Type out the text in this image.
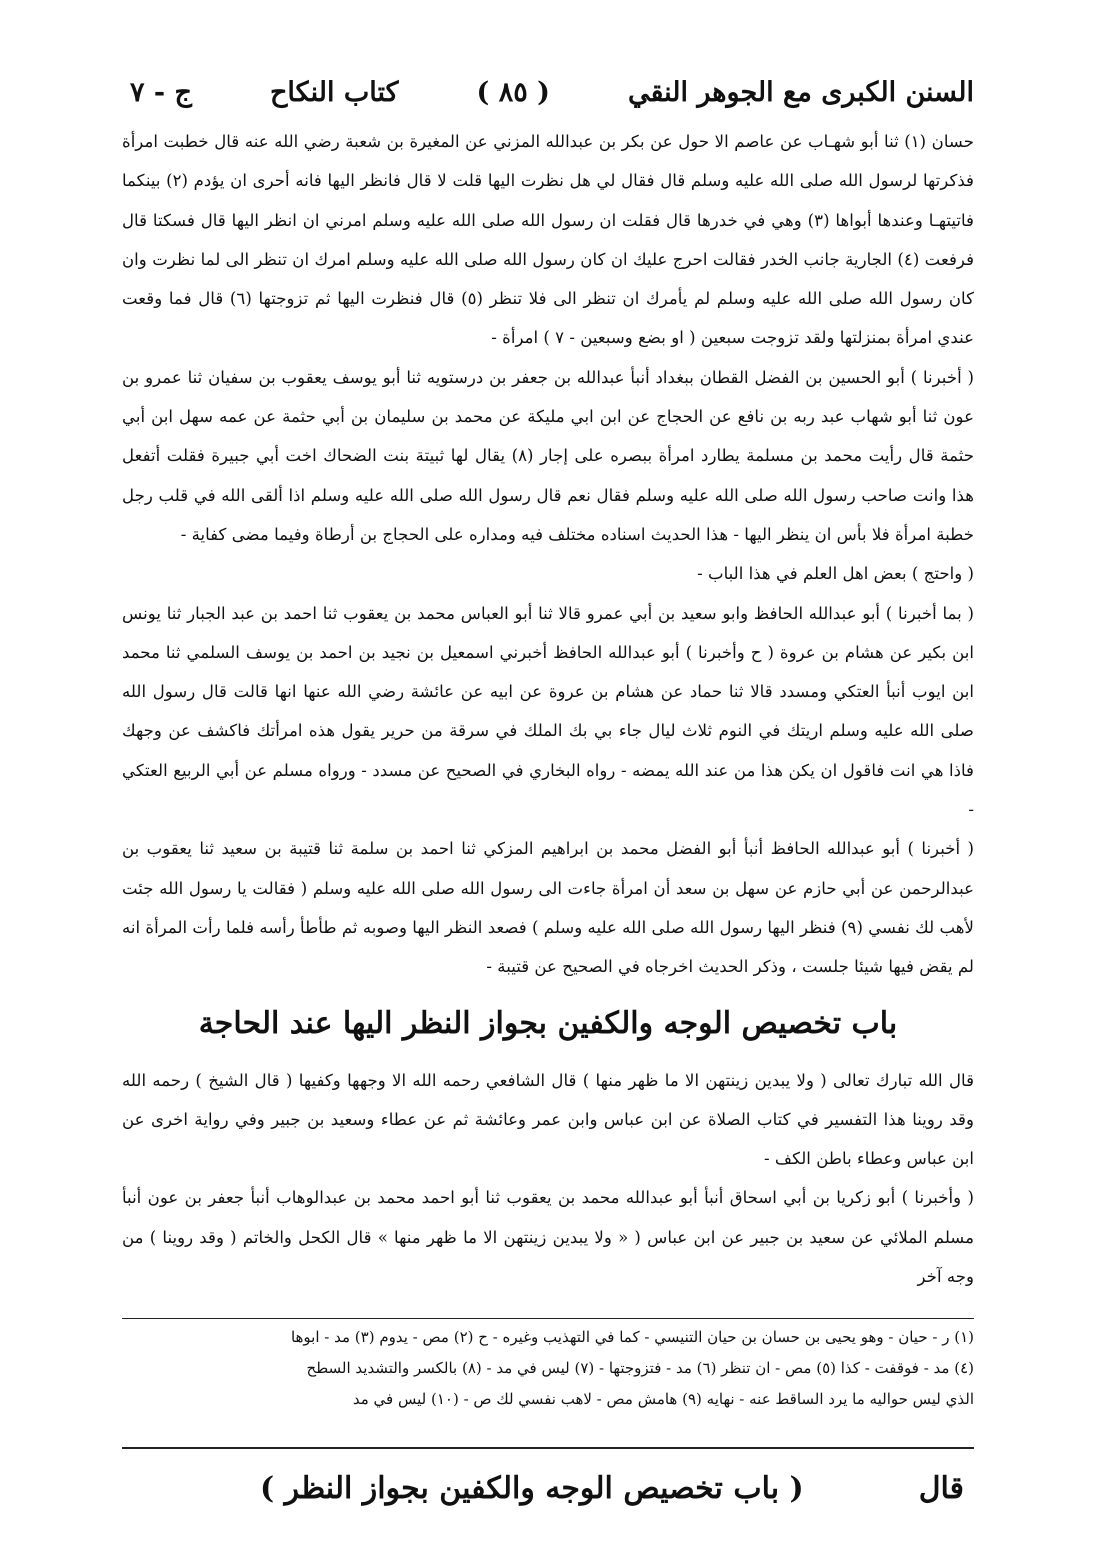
السنن الكبرى مع الجوهر النقي
( ٨٥ )
كتاب النكاح
ج - ٧

حسان (١) ثنا أبو شهـاب عن عاصم الا حول عن بكر بن عبدالله المزني عن المغيرة بن شعبة رضي الله عنه قال خطبت امرأة فذكرتها لرسول الله صلى الله عليه وسلم قال فقال لي هل نظرت اليها قلت لا قال فانظر اليها فانه أحرى ان يؤدم (٢) بينكما فاتيتهـا وعندها أبواها (٣) وهي في خدرها قال فقلت ان رسول الله صلى الله عليه وسلم امرني ان انظر اليها قال فسكتا قال فرفعت (٤) الجارية جانب الخدر فقالت احرج عليك ان كان رسول الله صلى الله عليه وسلم امرك ان تنظر الى لما نظرت وان كان رسول الله صلى الله عليه وسلم لم يأمرك ان تنظر الى فلا تنظر (٥) قال فنظرت اليها ثم تزوجتها (٦) قال فما وقعت عندي امرأة بمنزلتها ولقد تزوجت سبعين ( او بضع وسبعين - ٧ ) امرأة -

( أخبرنا ) أبو الحسين بن الفضل القطان ببغداد أنبأ عبدالله بن جعفر بن درستويه ثنا أبو يوسف يعقوب بن سفيان ثنا عمرو بن عون ثنا أبو شهاب عبد ربه بن نافع عن الحجاج عن ابن ابي مليكة عن محمد بن سليمان بن أبي حثمة عن عمه سهل ابن أبي حثمة قال رأيت محمد بن مسلمة يطارد امرأة ببصره على إجار (٨) يقال لها ثبيتة بنت الضحاك اخت أبي جبيرة فقلت أتفعل هذا وانت صاحب رسول الله صلى الله عليه وسلم فقال نعم قال رسول الله صلى الله عليه وسلم اذا ألقى الله في قلب رجل خطبة امرأة فلا بأس ان ينظر اليها - هذا الحديث اسناده مختلف فيه ومداره على الحجاج بن أرطاة وفيما مضى كفاية -

( واحتج ) بعض اهل العلم في هذا الباب -

( بما أخبرنا ) أبو عبدالله الحافظ وابو سعيد بن أبي عمرو قالا ثنا أبو العباس محمد بن يعقوب ثنا احمد بن عبد الجبار ثنا يونس ابن بكير عن هشام بن عروة ( ح وأخبرنا ) أبو عبدالله الحافظ أخبرني اسمعيل بن نجيد بن احمد بن يوسف السلمي ثنا محمد ابن ايوب أنبأ العتكي ومسدد قالا ثنا حماد عن هشام بن عروة عن ابيه عن عائشة رضي الله عنها انها قالت قال رسول الله صلى الله عليه وسلم اريتك في النوم ثلاث ليال جاء بي بك الملك في سرقة من حرير يقول هذه امرأتك فاكشف عن وجهك فاذا هي انت فاقول ان يكن هذا من عند الله يمضه - رواه البخاري في الصحيح عن مسدد - ورواه مسلم عن أبي الربيع العتكي -

( أخبرنا ) أبو عبدالله الحافظ أنبأ أبو الفضل محمد بن ابراهيم المزكي ثنا احمد بن سلمة ثنا قتيبة بن سعيد ثنا يعقوب بن عبدالرحمن عن أبي حازم عن سهل بن سعد أن امرأة جاءت الى رسول الله صلى الله عليه وسلم ( فقالت يا رسول الله جئت لأهب لك نفسي (٩) فنظر اليها رسول الله صلى الله عليه وسلم ) فصعد النظر اليها وصوبه ثم طأطأ رأسه فلما رأت المرأة انه لم يقض فيها شيئا جلست ، وذكر الحديث اخرجاه في الصحيح عن قتيبة -

باب تخصيص الوجه والكفين بجواز النظر اليها عند الحاجة

قال الله تبارك تعالى ( ولا يبدين زينتهن الا ما ظهر منها ) قال الشافعي رحمه الله الا وجهها وكفيها ( قال الشيخ ) رحمه الله وقد روينا هذا التفسير في كتاب الصلاة عن ابن عباس وابن عمر وعائشة ثم عن عطاء وسعيد بن جبير وفي رواية اخرى عن ابن عباس وعطاء باطن الكف -

( وأخبرنا ) أبو زكريا بن أبي اسحاق أنبأ أبو عبدالله محمد بن يعقوب ثنا أبو احمد محمد بن عبدالوهاب أنبأ جعفر بن عون أنبأ مسلم الملائي عن سعيد بن جبير عن ابن عباس ( « ولا يبدين زينتهن الا ما ظهر منها » قال الكحل والخاتم ( وقد روينا ) من وجه آخر

(١) ر - حيان - وهو يحيى بن حسان بن حيان التنيسي - كما في التهذيب وغيره - ح (٢) مص - يدوم (٣) مد - ابوها

(٤) مد - فوقفت - كذا (٥) مص - ان تنظر (٦) مد - فتزوجتها - (٧) ليس في مد - (٨) بالكسر والتشديد السطح

الذي ليس حواليه ما يرد الساقط عنه - نهايه (٩) هامش مص - لاهب نفسي لك ص - (١٠) ليس في مد

قال
( باب تخصيص الوجه والكفين بجواز النظر )
